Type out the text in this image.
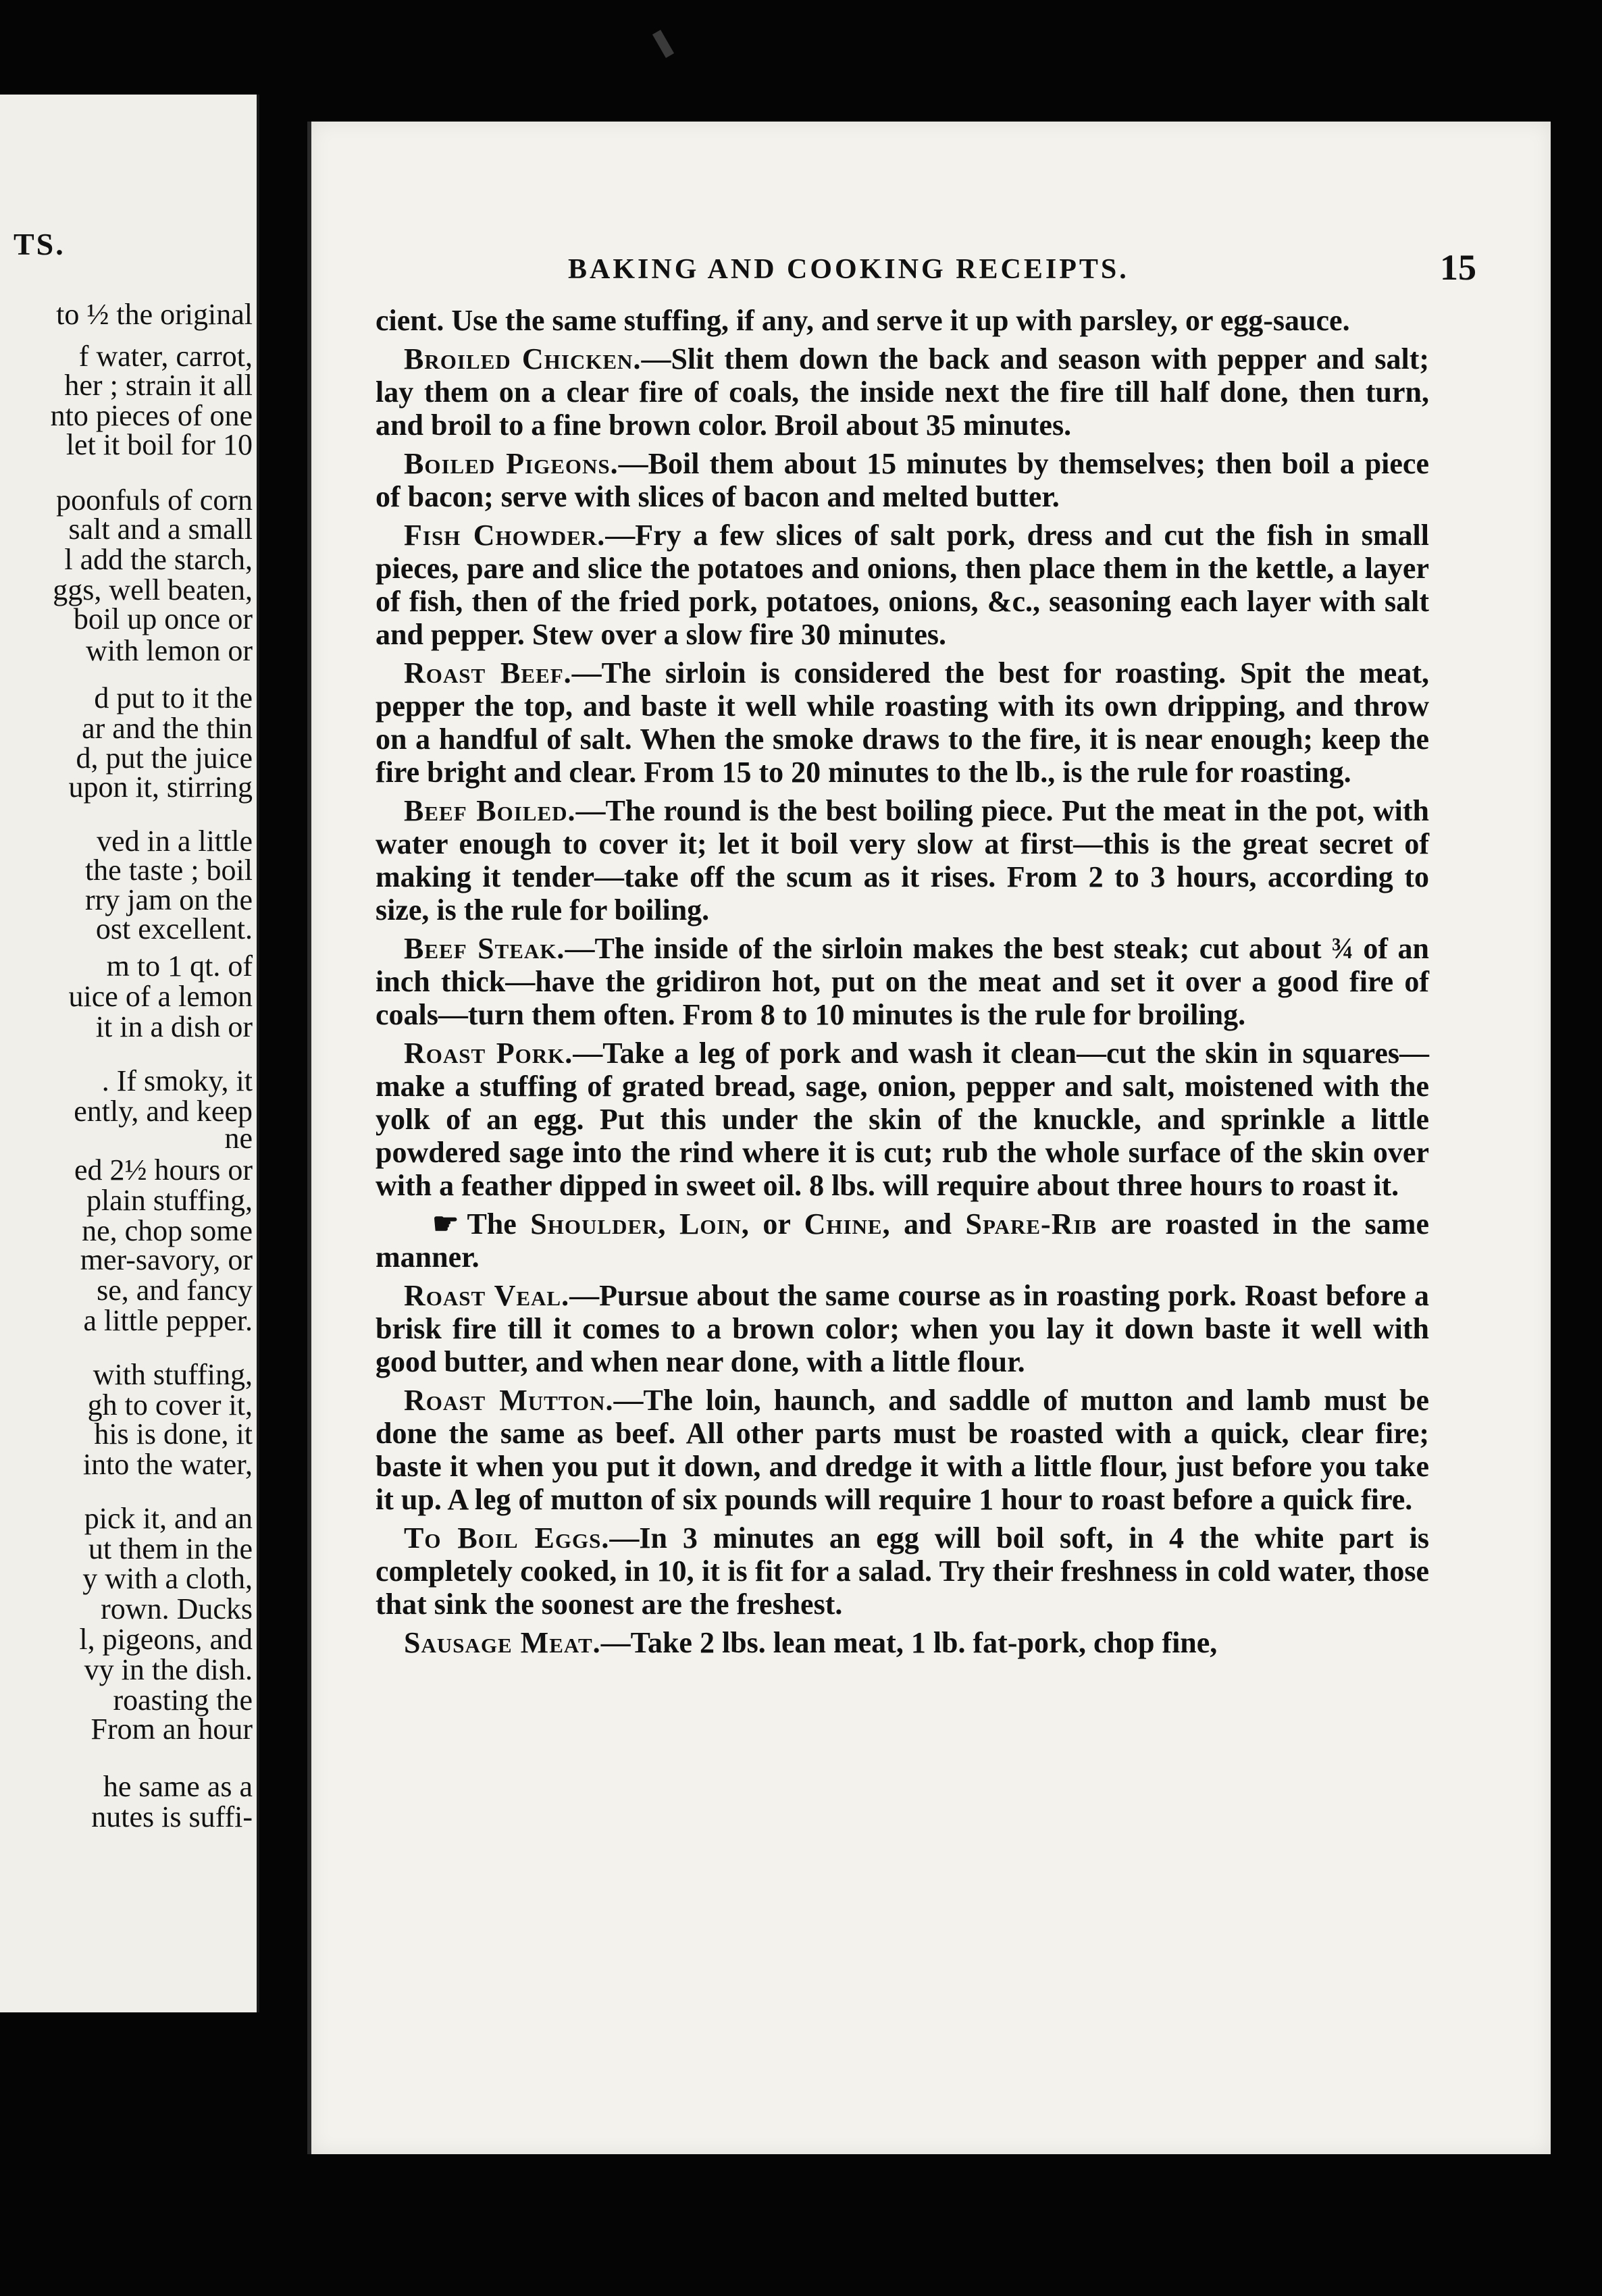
TS.
to ½ the original
f water, carrot,
her ; strain it all
nto pieces of one
let it boil for 10
poonfuls of corn
salt and a small
l add the starch,
ggs, well beaten,
boil up once or
with lemon or
d put to it the
ar and the thin
d, put the juice
upon it, stirring
ved in a little
the taste ; boil
rry jam on the
ost excellent.
m to 1 qt. of
uice of a lemon
it in a dish or
. If smoky, it
ently, and keep
ne
ed 2½ hours or
plain stuffing,
ne, chop some
mer-savory, or
se, and fancy
a little pepper.
with stuffing,
gh to cover it,
his is done, it
into the water,
pick it, and an
ut them in the
y with a cloth,
rown. Ducks
l, pigeons, and
vy in the dish.
roasting the
From an hour
he same as a
nutes is suffi-
BAKING AND COOKING RECEIPTS.	15

cient. Use the same stuffing, if any, and serve it up with parsley, or egg-sauce.

Broiled Chicken.—Slit them down the back and season with pepper and salt; lay them on a clear fire of coals, the inside next the fire till half done, then turn, and broil to a fine brown color. Broil about 35 minutes.

Boiled Pigeons.—Boil them about 15 minutes by themselves; then boil a piece of bacon; serve with slices of bacon and melted butter.

Fish Chowder.—Fry a few slices of salt pork, dress and cut the fish in small pieces, pare and slice the potatoes and onions, then place them in the kettle, a layer of fish, then of the fried pork, potatoes, onions, &c., seasoning each layer with salt and pepper. Stew over a slow fire 30 minutes.

Roast Beef.—The sirloin is considered the best for roasting. Spit the meat, pepper the top, and baste it well while roasting with its own dripping, and throw on a handful of salt. When the smoke draws to the fire, it is near enough; keep the fire bright and clear. From 15 to 20 minutes to the lb., is the rule for roasting.

Beef Boiled.—The round is the best boiling piece. Put the meat in the pot, with water enough to cover it; let it boil very slow at first—this is the great secret of making it tender—take off the scum as it rises. From 2 to 3 hours, according to size, is the rule for boiling.

Beef Steak.—The inside of the sirloin makes the best steak; cut about ¾ of an inch thick—have the gridiron hot, put on the meat and set it over a good fire of coals—turn them often. From 8 to 10 minutes is the rule for broiling.

Roast Pork.—Take a leg of pork and wash it clean—cut the skin in squares—make a stuffing of grated bread, sage, onion, pepper and salt, moistened with the yolk of an egg. Put this under the skin of the knuckle, and sprinkle a little powdered sage into the rind where it is cut; rub the whole surface of the skin over with a feather dipped in sweet oil. 8 lbs. will require about three hours to roast it.

☛ The Shoulder, Loin, or Chine, and Spare-Rib are roasted in the same manner.

Roast Veal.—Pursue about the same course as in roasting pork. Roast before a brisk fire till it comes to a brown color; when you lay it down baste it well with good butter, and when near done, with a little flour.

Roast Mutton.—The loin, haunch, and saddle of mutton and lamb must be done the same as beef. All other parts must be roasted with a quick, clear fire; baste it when you put it down, and dredge it with a little flour, just before you take it up. A leg of mutton of six pounds will require 1 hour to roast before a quick fire.

To Boil Eggs.—In 3 minutes an egg will boil soft, in 4 the white part is completely cooked, in 10, it is fit for a salad. Try their freshness in cold water, those that sink the soonest are the freshest.

Sausage Meat.—Take 2 lbs. lean meat, 1 lb. fat-pork, chop fine,
